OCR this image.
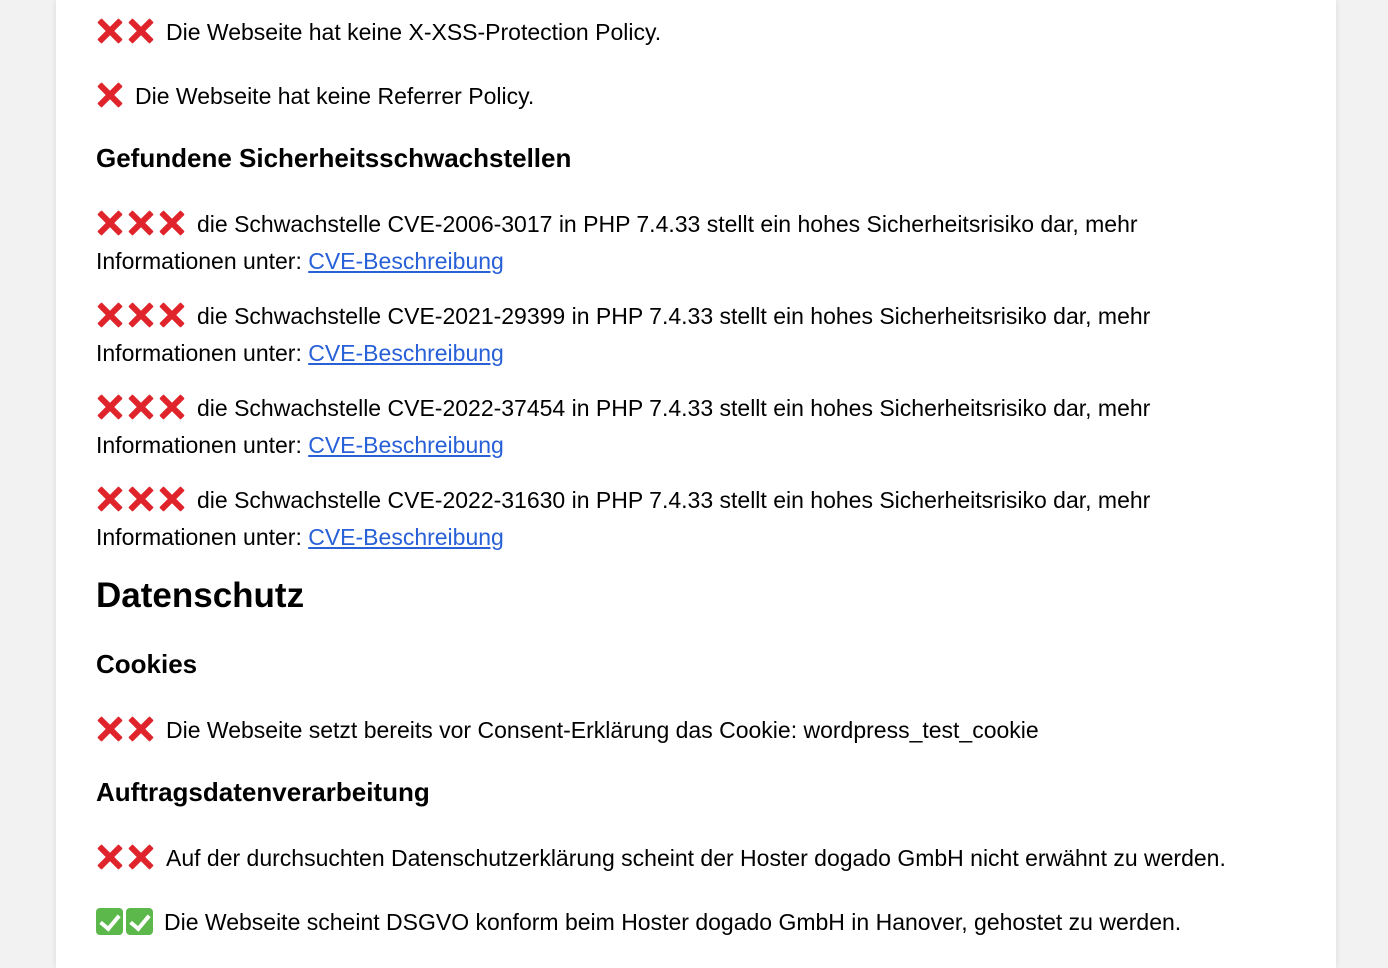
Die Webseite hat keine X-XSS-Protection Policy.
Die Webseite hat keine Referrer Policy.
Gefundene Sicherheitsschwachstellen
die Schwachstelle CVE-2006-3017 in PHP 7.4.33 stellt ein hohes Sicherheitsrisiko dar, mehr Informationen unter: CVE-Beschreibung
die Schwachstelle CVE-2021-29399 in PHP 7.4.33 stellt ein hohes Sicherheitsrisiko dar, mehr Informationen unter: CVE-Beschreibung
die Schwachstelle CVE-2022-37454 in PHP 7.4.33 stellt ein hohes Sicherheitsrisiko dar, mehr Informationen unter: CVE-Beschreibung
die Schwachstelle CVE-2022-31630 in PHP 7.4.33 stellt ein hohes Sicherheitsrisiko dar, mehr Informationen unter: CVE-Beschreibung
Datenschutz
Cookies
Die Webseite setzt bereits vor Consent-Erklärung das Cookie: wordpress_test_cookie
Auftragsdatenverarbeitung
Auf der durchsuchten Datenschutzerklärung scheint der Hoster dogado GmbH nicht erwähnt zu werden.
Die Webseite scheint DSGVO konform beim Hoster dogado GmbH in Hanover, gehostet zu werden.
